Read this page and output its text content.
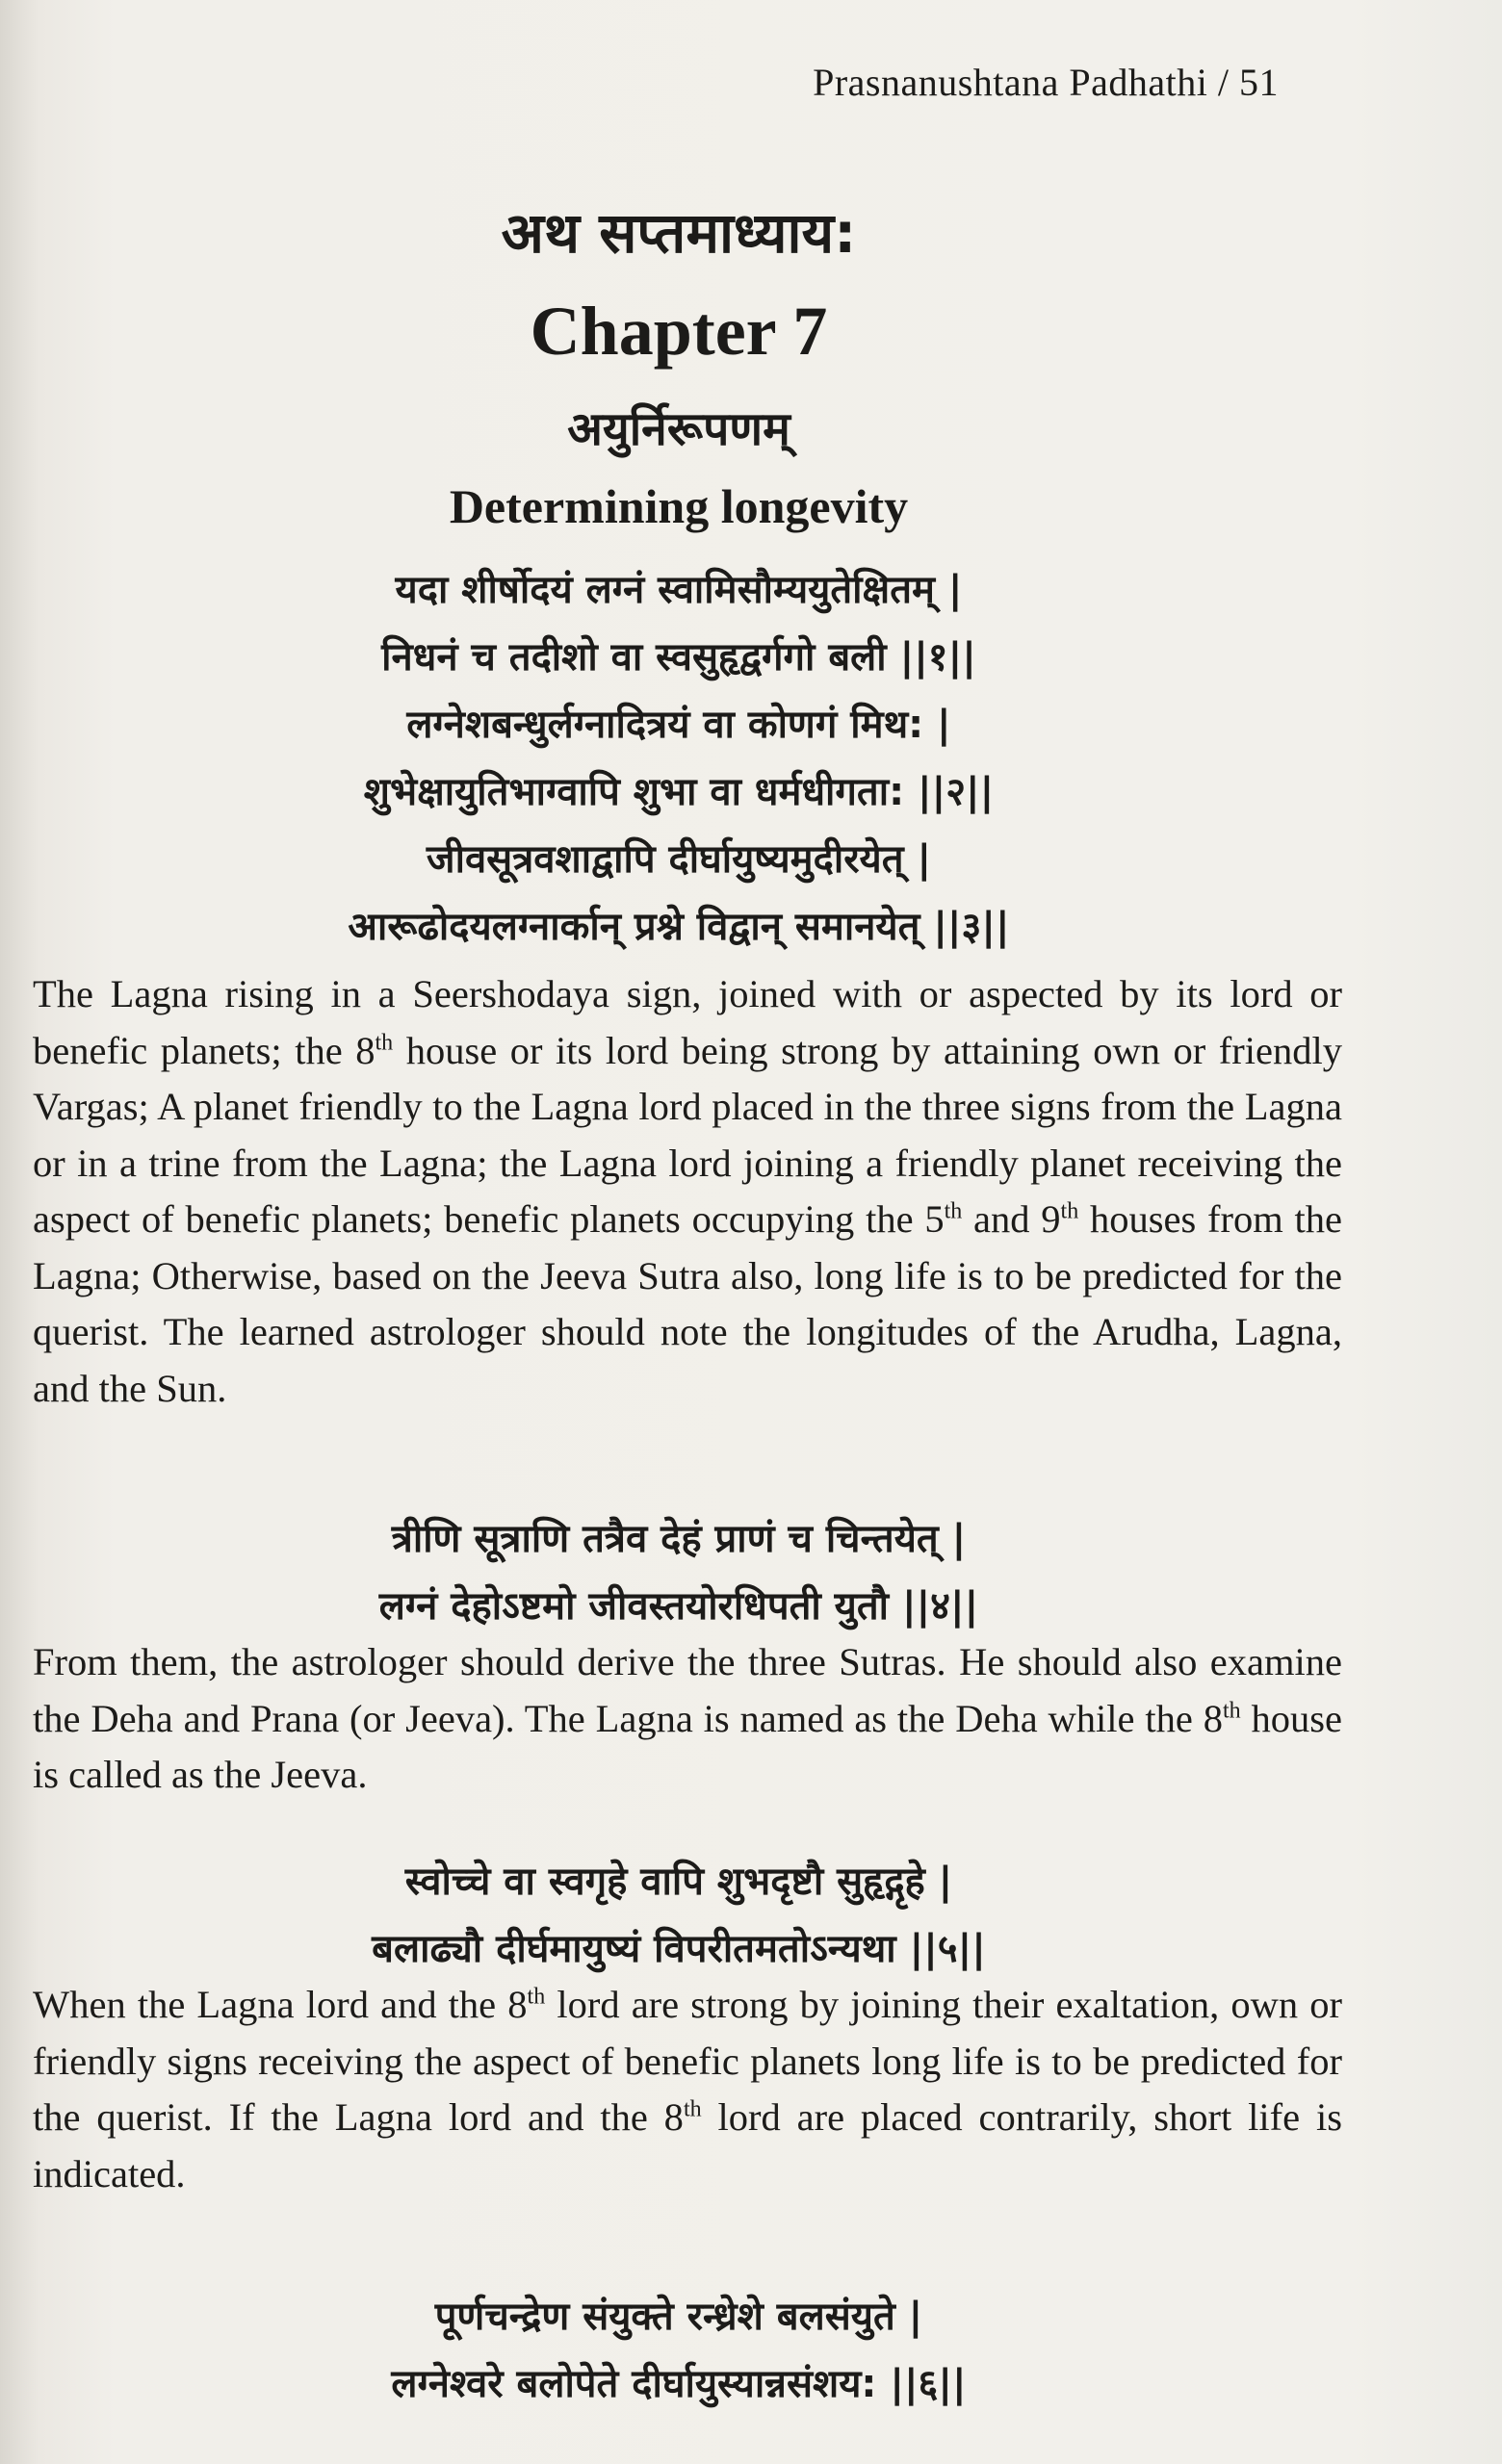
Prasnanushtana Padhathi / 51
अथ सप्तमाध्याय:
Chapter 7
अयुर्निरूपणम्
Determining longevity
यदा शीर्षोदयं लग्नं स्वामिसौम्ययुतेक्षितम् |
निधनं च तदीशो वा स्वसुहृद्वर्गगो बली ||१||
लग्नेशबन्धुर्लग्नादित्रयं वा कोणगं मिथ: |
शुभेक्षायुतिभाग्वापि शुभा वा धर्मधीगता: ||२||
जीवसूत्रवशाद्वापि दीर्घायुष्यमुदीरयेत् |
आरूढोदयलग्नार्कान् प्रश्ने विद्वान् समानयेत् ||३||

The Lagna rising in a Seershodaya sign, joined with or aspected by its lord or benefic planets; the 8th house or its lord being strong by attaining own or friendly Vargas; A planet friendly to the Lagna lord placed in the three signs from the Lagna or in a trine from the Lagna; the Lagna lord joining a friendly planet receiving the aspect of benefic planets; benefic planets occupying the 5th and 9th houses from the Lagna; Otherwise, based on the Jeeva Sutra also, long life is to be predicted for the querist. The learned astrologer should note the longitudes of the Arudha, Lagna, and the Sun.

त्रीणि सूत्राणि तत्रैव देहं प्राणं च चिन्तयेत् |
लग्नं देहोऽष्टमो जीवस्तयोरधिपती युतौ ||४||

From them, the astrologer should derive the three Sutras. He should also examine the Deha and Prana (or Jeeva). The Lagna is named as the Deha while the 8th house is called as the Jeeva.

स्वोच्चे वा स्वगृहे वापि शुभदृष्टौ सुहृद्गृहे |
बलाढ्यौ दीर्घमायुष्यं विपरीतमतोऽन्यथा ||५||

When the Lagna lord and the 8th lord are strong by joining their exaltation, own or friendly signs receiving the aspect of benefic planets long life is to be predicted for the querist. If the Lagna lord and the 8th lord are placed contrarily, short life is indicated.

पूर्णचन्द्रेण संयुक्ते रन्ध्रेशे बलसंयुते |
लग्नेश्वरे बलोपेते दीर्घायुस्यान्नसंशय: ||६||
